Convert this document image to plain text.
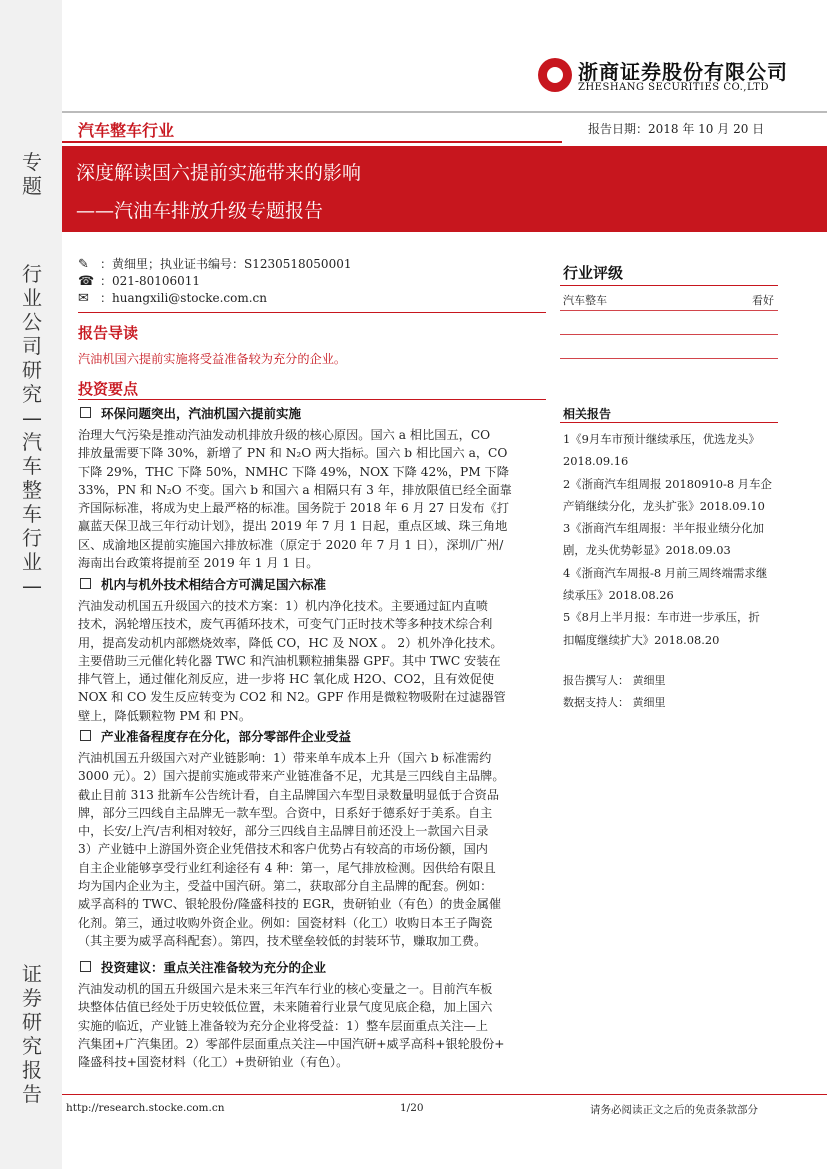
专题
行业公司研究—汽车整车行业—
证券研究报告
浙商证券股份有限公司
ZHESHANG SECURITIES CO.,LTD
汽车整车行业	报告日期：2018 年 10 月 20 日
深度解读国六提前实施带来的影响
——汽油车排放升级专题报告
✎ ：黄细里；执业证书编号：S1230518050001
☎ ：021-80106011
✉ ：huangxili@stocke.com.cn
报告导读
汽油机国六提前实施将受益准备较为充分的企业。
投资要点
环保问题突出，汽油机国六提前实施
治理大气污染是推动汽油发动机排放升级的核心原因。国六 a 相比国五，CO
排放量需要下降 30%，新增了 PN 和 N₂O 两大指标。国六 b 相比国六 a，CO
下降 29%，THC 下降 50%，NMHC 下降 49%，NOX 下降 42%，PM 下降
33%，PN 和 N₂O 不变。国六 b 和国六 a 相隔只有 3 年，排放限值已经全面靠
齐国际标准，将成为史上最严格的标准。国务院于 2018 年 6 月 27 日发布《打
赢蓝天保卫战三年行动计划》，提出 2019 年 7 月 1 日起，重点区域、珠三角地
区、成渝地区提前实施国六排放标准（原定于 2020 年 7 月 1 日），深圳/广州/
海南出台政策将提前至 2019 年 1 月 1 日。
机内与机外技术相结合方可满足国六标准
汽油发动机国五升级国六的技术方案：1）机内净化技术。主要通过缸内直喷
技术，涡轮增压技术，废气再循环技术，可变气门正时技术等多种技术综合利
用，提高发动机内部燃烧效率，降低 CO，HC 及 NOX 。 2）机外净化技术。
主要借助三元催化转化器 TWC 和汽油机颗粒捕集器 GPF。其中 TWC 安装在
排气管上，通过催化剂反应，进一步将 HC 氧化成 H2O、CO2，且有效促使
NOX 和 CO 发生反应转变为 CO2 和 N2。GPF 作用是微粒物吸附在过滤器管
壁上，降低颗粒物 PM 和 PN。
产业准备程度存在分化，部分零部件企业受益
汽油机国五升级国六对产业链影响：1）带来单车成本上升（国六 b 标准需约
3000 元）。2）国六提前实施或带来产业链准备不足，尤其是三四线自主品牌。
截止目前 313 批新车公告统计看，自主品牌国六车型目录数量明显低于合资品
牌，部分三四线自主品牌无一款车型。合资中，日系好于德系好于美系。自主
中，长安/上汽/吉利相对较好，部分三四线自主品牌目前还没上一款国六目录
3）产业链中上游国外资企业凭借技术和客户优势占有较高的市场份额，国内
自主企业能够享受行业红利途径有 4 种：第一，尾气排放检测。因供给有限且
均为国内企业为主，受益中国汽研。第二，获取部分自主品牌的配套。例如：
威孚高科的 TWC、银轮股份/隆盛科技的 EGR，贵研铂业（有色）的贵金属催
化剂。第三，通过收购外资企业。例如：国瓷材料（化工）收购日本王子陶瓷
（其主要为威孚高科配套）。第四，技术壁垒较低的封装环节，赚取加工费。
投资建议：重点关注准备较为充分的企业
汽油发动机的国五升级国六是未来三年汽车行业的核心变量之一。目前汽车板
块整体估值已经处于历史较低位置，未来随着行业景气度见底企稳，加上国六
实施的临近，产业链上准备较为充分企业将受益：1）整车层面重点关注—上
汽集团+广汽集团。2）零部件层面重点关注—中国汽研+威孚高科+银轮股份+
隆盛科技+国瓷材料（化工）+贵研铂业（有色）。
行业评级
汽车整车	看好
相关报告
1《9月车市预计继续承压，优选龙头》
2018.09.16
2《浙商汽车组周报 20180910-8 月车企
产销继续分化，龙头扩张》2018.09.10
3《浙商汽车组周报：半年报业绩分化加
剧，龙头优势彰显》2018.09.03
4《浙商汽车周报-8 月前三周终端需求继
续承压》2018.08.26
5《8月上半月报：车市进一步承压，折
扣幅度继续扩大》2018.08.20
报告撰写人： 黄细里
数据支持人： 黄细里
http://research.stocke.com.cn	1/20	请务必阅读正文之后的免责条款部分
